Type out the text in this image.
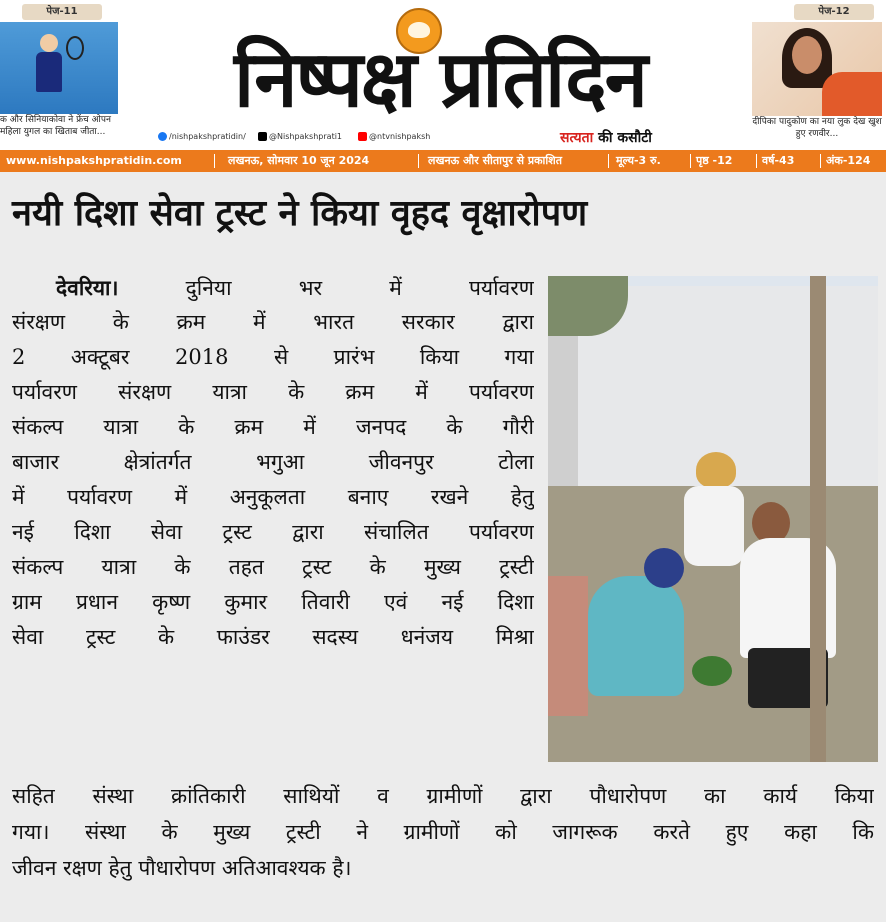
पेज-11
क और सिनियाकोवा ने फ्रेंच ओपन महिला युगल का खिताब जीता...
निष्पक्ष प्रतिदिन
/nishpakshpratidin/	@Nishpakshprati1	@ntvnishpaksh	सत्यता की कसौटी
पेज-12
दीपिका पादुकोण का नया लुक देख खुश हुए रणवीर...
www.nishpakshpratidin.com	लखनऊ, सोमवार 10 जून 2024	लखनऊ और सीतापुर से प्रकाशित	मूल्य-3 रु.	पृष्ठ -12	वर्ष-43	अंक-124
नयी दिशा सेवा ट्रस्ट ने किया वृहद वृक्षारोपण
देवरिया।	दुनिया भर में पर्यावरण
संरक्षण के क्रम में भारत सरकार द्वारा
2 अक्टूबर 2018 से प्रारंभ किया गया
पर्यावरण संरक्षण यात्रा के क्रम में पर्यावरण
संकल्प यात्रा के क्रम में जनपद के गौरी
बाजार क्षेत्रांतर्गत भगुआ जीवनपुर टोला
में पर्यावरण में अनुकूलता बनाए रखने हेतु
नई दिशा सेवा ट्रस्ट द्वारा संचालित पर्यावरण
संकल्प यात्रा के तहत ट्रस्ट के मुख्य ट्रस्टी
ग्राम प्रधान कृष्ण कुमार तिवारी एवं नई दिशा
सेवा ट्रस्ट के फाउंडर सदस्य धनंजय मिश्रा
सहित संस्था क्रांतिकारी साथियों व ग्रामीणों द्वारा पौधारोपण का कार्य किया
गया। संस्था के मुख्य ट्रस्टी ने ग्रामीणों को जागरूक करते हुए कहा कि
जीवन रक्षण हेतु पौधारोपण अतिआवश्यक है।
